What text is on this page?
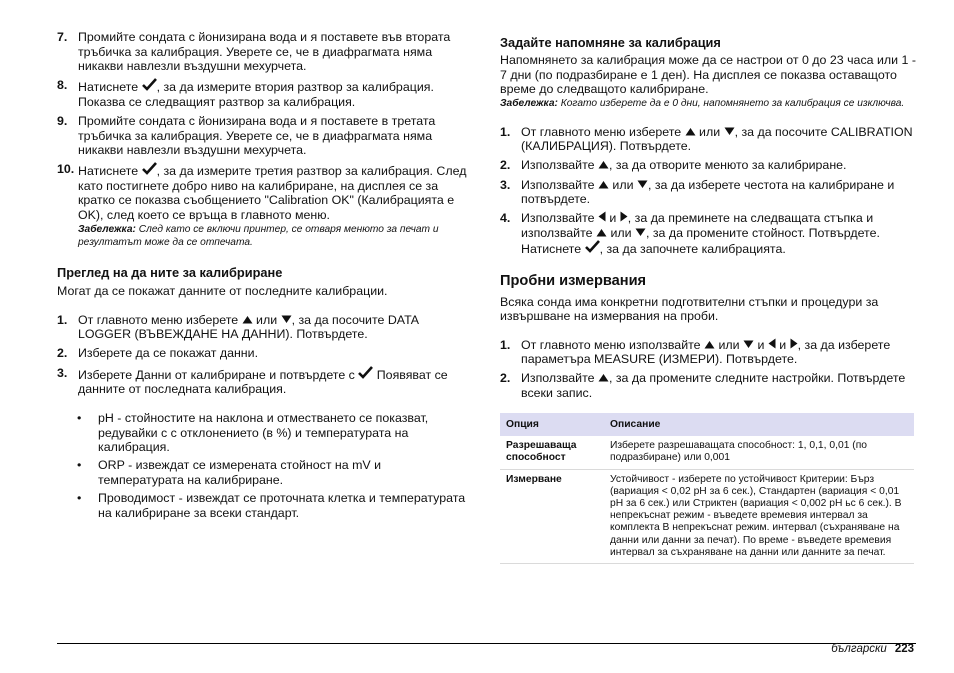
7. Промийте сондата с йонизирана вода и я поставете във втората тръбичка за калибрация. Уверете се, че в диафрагмата няма никакви навлезли въздушни мехурчета.
8. Натиснете , за да измерите втория разтвор за калибрация. Показва се следващият разтвор за калибрация.
9. Промийте сондата с йонизирана вода и я поставете в третата тръбичка за калибрация. Уверете се, че в диафрагмата няма никакви навлезли въздушни мехурчета.
10. Натиснете , за да измерите третия разтвор за калибрация. След като постигнете добро ниво на калибриране, на дисплея се за кратко се показва съобщението "Calibration OK" (Калибрацията е OK), след което се връща в главното меню.

Забележка: След като се включи принтер, се отваря менюто за печат и резултатът може да се отпечата.

Преглед на да ните за калибриране

Могат да се покажат данните от последните калибрации.

1. От главното меню изберете или , за да посочите DATA LOGGER (ВЪВЕЖДАНЕ НА ДАННИ). Потвърдете.
2. Изберете да се покажат данни.
3. Изберете Данни от калибриране и потвърдете с  Появяват се данните от последната калибрация.
• pH - стойностите на наклона и отместването се показват, редувайки с с отклонението (в %) и температурата на калибрация.
• ORP - извеждат се измерената стойност на mV и температурата на калибриране.
• Проводимост - извеждат се проточната клетка и температурата на калибриране за всеки стандарт.

Задайте напомняне за калибрация

Напомнянето за калибрация може да се настрои от 0 до 23 часа или 1 - 7 дни (по подразбиране е 1 ден). На дисплея се показва оставащото време до следващото калибриране.

Забележка: Когато изберете да е 0 дни, напомнянето за калибрация се изключва.

1. От главното меню изберете или , за да посочите CALIBRATION (КАЛИБРАЦИЯ). Потвърдете.
2. Използвайте , за да отворите менюто за калибриране.
3. Използвайте или , за да изберете честота на калибриране и потвърдете.
4. Използвайте и , за да преминете на следващата стъпка и използвайте или , за да промените стойност. Потвърдете. Натиснете , за да започнете калибрацията.

Пробни измервания

Всяка сонда има конкретни подготвителни стъпки и процедури за извършване на измервания на проби.

1. От главното меню използвайте или и и , за да изберете параметъра MEASURE (ИЗМЕРИ). Потвърдете.
2. Използвайте , за да промените следните настройки. Потвърдете всеки запис.
Опция	Описание
Разрешаваща способност	Изберете разрешаващата способност: 1, 0,1, 0,01 (по подразбиране) или 0,001
Измерване	Устойчивост - изберете по устойчивост Критерии: Бърз (вариация < 0,02 pH за 6 сек.), Стандартен (вариация < 0,01 pH за 6 сек.) или Стриктен (вариация < 0,002 pH ьс 6 сек.). В непрекъснат режим - въведете времевия интервал за комплекта В непрекъснат режим. интервал (съхраняване на данни или данни за печат). По време - въведете времевия интервал за съхраняване на данни или данните за печат.
български 223
